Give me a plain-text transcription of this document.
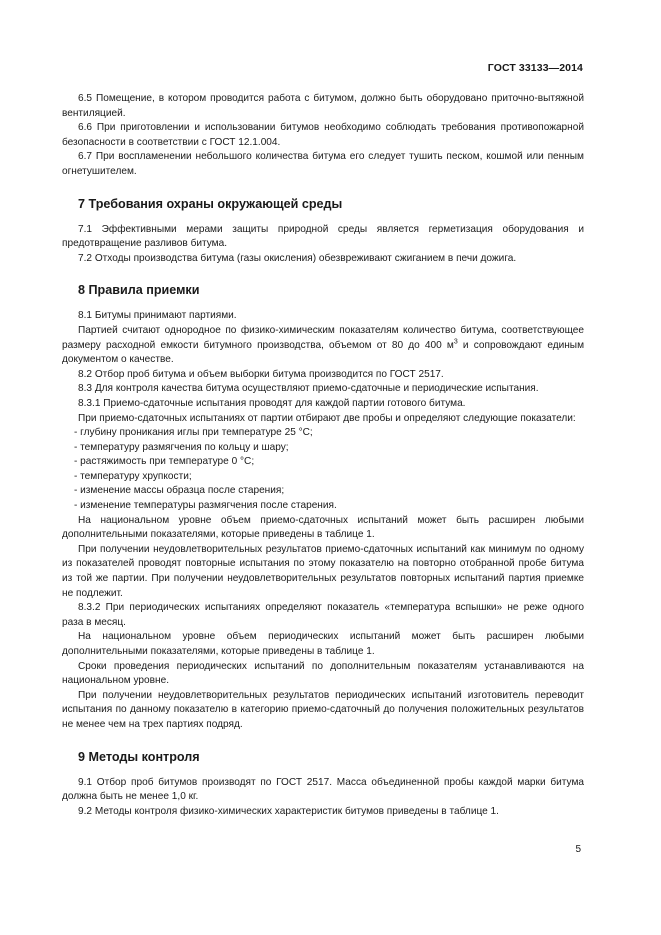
ГОСТ 33133—2014

6.5 Помещение, в котором проводится работа с битумом, должно быть оборудовано приточно-вытяжной вентиляцией.

6.6 При приготовлении и использовании битумов необходимо соблюдать требования противопожарной безопасности в соответствии с ГОСТ 12.1.004.

6.7 При воспламенении небольшого количества битума его следует тушить песком, кошмой или пенным огнетушителем.

7 Требования охраны окружающей среды

7.1 Эффективными мерами защиты природной среды является герметизация оборудования и предотвращение разливов битума.

7.2 Отходы производства битума (газы окисления) обезвреживают сжиганием в печи дожига.

8 Правила приемки

8.1 Битумы принимают партиями.

Партией считают однородное по физико-химическим показателям количество битума, соответствующее размеру расходной емкости битумного производства, объемом от 80 до 400 $м^3$ и сопровождают единым документом о качестве.

8.2 Отбор проб битума и объем выборки битума производится по ГОСТ 2517.

8.3 Для контроля качества битума осуществляют приемо-сдаточные и периодические испытания.

8.3.1 Приемо-сдаточные испытания проводят для каждой партии готового битума.

При приемо-сдаточных испытаниях от партии отбирают две пробы и определяют следующие показатели:

- глубину проникания иглы при температуре 25 °С;

- температуру размягчения по кольцу и шару;

- растяжимость при температуре 0 °С;

- температуру хрупкости;

- изменение массы образца после старения;

- изменение температуры размягчения после старения.

На национальном уровне объем приемо-сдаточных испытаний может быть расширен любыми дополнительными показателями, которые приведены в таблице 1.

При получении неудовлетворительных результатов приемо-сдаточных испытаний как минимум по одному из показателей проводят повторные испытания по этому показателю на повторно отобранной пробе битума из той же партии. При получении неудовлетворительных результатов повторных испытаний партия приемке не подлежит.

8.3.2 При периодических испытаниях определяют показатель «температура вспышки» не реже одного раза в месяц.

На национальном уровне объем периодических испытаний может быть расширен любыми дополнительными показателями, которые приведены в таблице 1.

Сроки проведения периодических испытаний по дополнительным показателям устанавливаются на национальном уровне.

При получении неудовлетворительных результатов периодических испытаний изготовитель переводит испытания по данному показателю в категорию приемо-сдаточный до получения положительных результатов не менее чем на трех партиях подряд.

9 Методы контроля

9.1 Отбор проб битумов производят по ГОСТ 2517. Масса объединенной пробы каждой марки битума должна быть не менее 1,0 кг.

9.2 Методы контроля физико-химических характеристик битумов приведены в таблице 1.

5
